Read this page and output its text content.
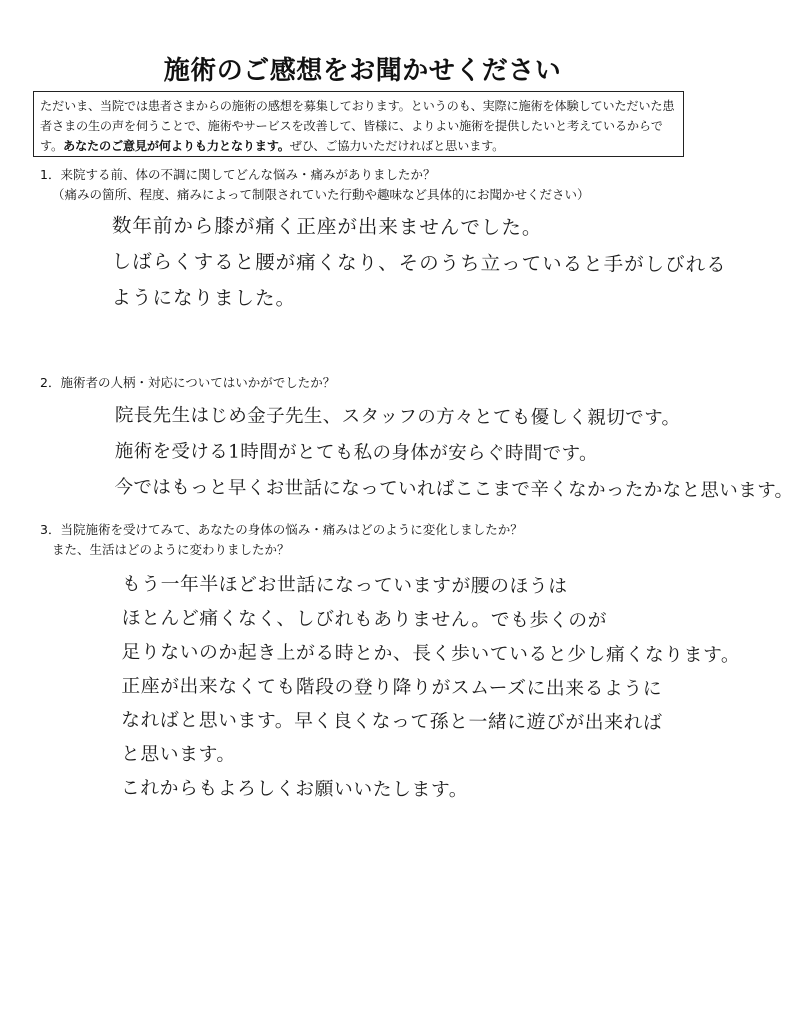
施術のご感想をお聞かせください
ただいま、当院では患者さまからの施術の感想を募集しております。というのも、実際に施術を体験していただいた患者さまの生の声を伺うことで、施術やサービスを改善して、皆様に、よりよい施術を提供したいと考えているからです。あなたのご意見が何よりも力となります。ぜひ、ご協力いただければと思います。
1．来院する前、体の不調に関してどんな悩み・痛みがありましたか？
（痛みの箇所、程度、痛みによって制限されていた行動や趣味など具体的にお聞かせください）
数年前から膝が痛く正座が出来ませんでした。
しばらくすると腰が痛くなり、そのうち立っていると手がしびれる
ようになりました。
2．施術者の人柄・対応についてはいかがでしたか？
院長先生はじめ金子先生、スタッフの方々とても優しく親切です。
施術を受ける1時間がとても私の身体が安らぐ時間です。
今ではもっと早くお世話になっていればここまで辛くなかったかなと思います。
3．当院施術を受けてみて、あなたの身体の悩み・痛みはどのように変化しましたか？
また、生活はどのように変わりましたか？
もう一年半ほどお世話になっていますが腰のほうは
ほとんど痛くなく、しびれもありません。でも歩くのが
足りないのか起き上がる時とか、長く歩いていると少し痛くなります。
正座が出来なくても階段の登り降りがスムーズに出来るように
なればと思います。早く良くなって孫と一緒に遊びが出来れば
と思います。
これからもよろしくお願いいたします。
